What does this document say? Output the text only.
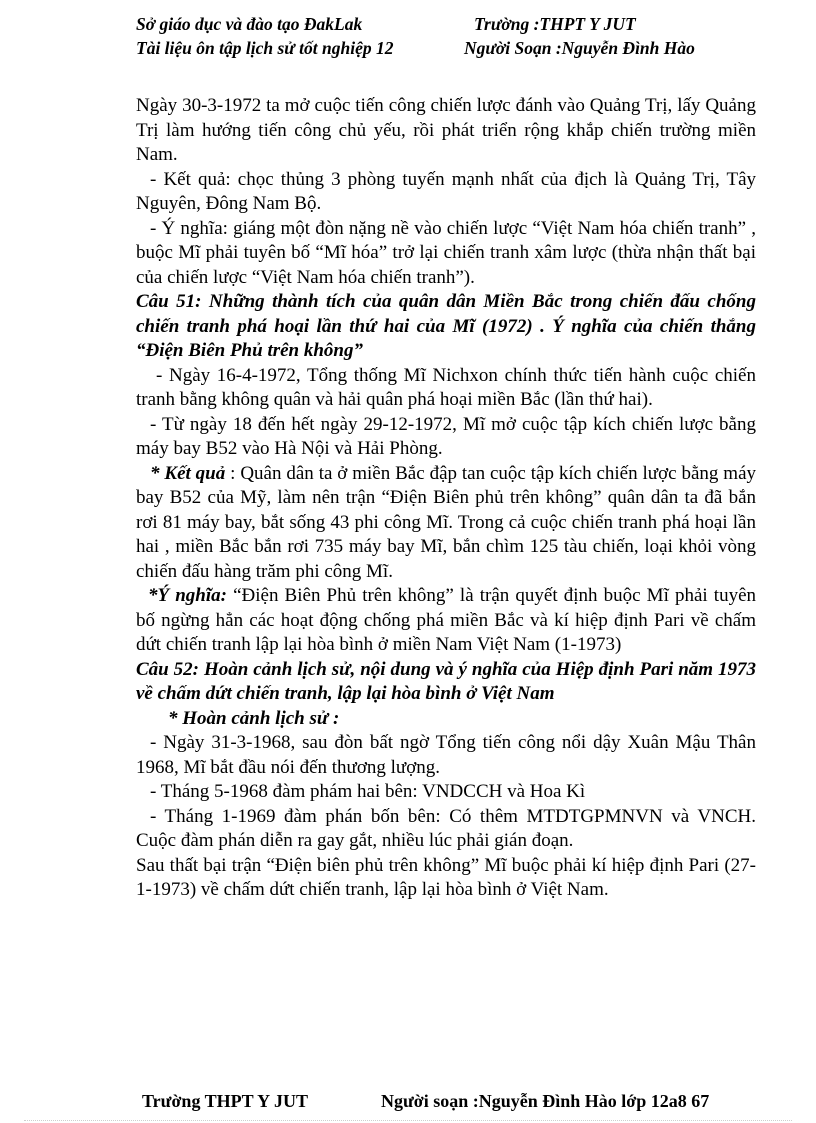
Sở giáo dục và đào tạo ĐakLak	Trường :THPT Y JUT
Tài liệu ôn tập lịch sử tốt nghiệp 12	Người Soạn :Nguyễn Đình Hào

Ngày 30-3-1972 ta mở cuộc tiến công chiến lược đánh vào Quảng Trị, lấy Quảng Trị làm hướng tiến công chủ yếu, rồi phát triển rộng khắp chiến trường miền Nam.

- Kết quả: chọc thủng 3 phòng tuyến mạnh nhất của địch là Quảng Trị, Tây Nguyên, Đông Nam Bộ.

- Ý nghĩa: giáng một đòn nặng nề vào chiến lược “Việt Nam hóa chiến tranh” , buộc Mĩ phải tuyên bố “Mĩ hóa” trở lại chiến tranh xâm lược (thừa nhận thất bại của chiến lược “Việt Nam hóa chiến tranh”).

Câu 51: Những thành tích của quân dân Miền Bắc trong chiến đấu chống chiến tranh phá hoại lần thứ hai của Mĩ (1972) . Ý nghĩa của chiến thắng “Điện Biên Phủ trên không”

- Ngày 16-4-1972, Tổng thống Mĩ Nichxon chính thức tiến hành cuộc chiến tranh bằng không quân và hải quân phá hoại miền Bắc (lần thứ hai).

- Từ ngày 18 đến hết ngày 29-12-1972, Mĩ mở cuộc tập kích chiến lược bằng máy bay B52 vào Hà Nội và Hải Phòng.

* Kết quả : Quân dân ta ở miền Bắc đập tan cuộc tập kích chiến lược bằng máy bay B52 của Mỹ, làm nên trận “Điện Biên phủ trên không” quân dân ta đã bắn rơi 81 máy bay, bắt sống 43 phi công Mĩ. Trong cả cuộc chiến tranh phá hoại lần hai , miền Bắc bắn rơi 735 máy bay Mĩ, bắn chìm 125 tàu chiến, loại khỏi vòng chiến đấu hàng trăm phi công Mĩ.

*Ý nghĩa: “Điện Biên Phủ trên không” là trận quyết định buộc Mĩ phải tuyên bố ngừng hẳn các hoạt động chống phá miền Bắc và kí hiệp định Pari về chấm dứt chiến tranh lập lại hòa bình ở miền Nam Việt Nam (1-1973)

Câu 52: Hoàn cảnh lịch sử, nội dung và ý nghĩa của Hiệp định Pari năm 1973 về chấm dứt chiến tranh, lập lại hòa bình ở Việt Nam

* Hoàn cảnh lịch sử :

- Ngày 31-3-1968, sau đòn bất ngờ Tổng tiến công nổi dậy Xuân Mậu Thân 1968, Mĩ bắt đầu nói đến thương lượng.

- Tháng 5-1968 đàm phám hai bên: VNDCCH và Hoa Kì

- Tháng 1-1969 đàm phán bốn bên: Có thêm MTDTGPMNVN và VNCH. Cuộc đàm phán diễn ra gay gắt, nhiều lúc phải gián đoạn.

Sau thất bại trận “Điện biên phủ trên không” Mĩ buộc phải kí hiệp định Pari (27-1-1973) về chấm dứt chiến tranh, lập lại hòa bình ở Việt Nam.

Trường THPT Y JUT	Người soạn :Nguyễn Đình Hào lớp 12a8 67
